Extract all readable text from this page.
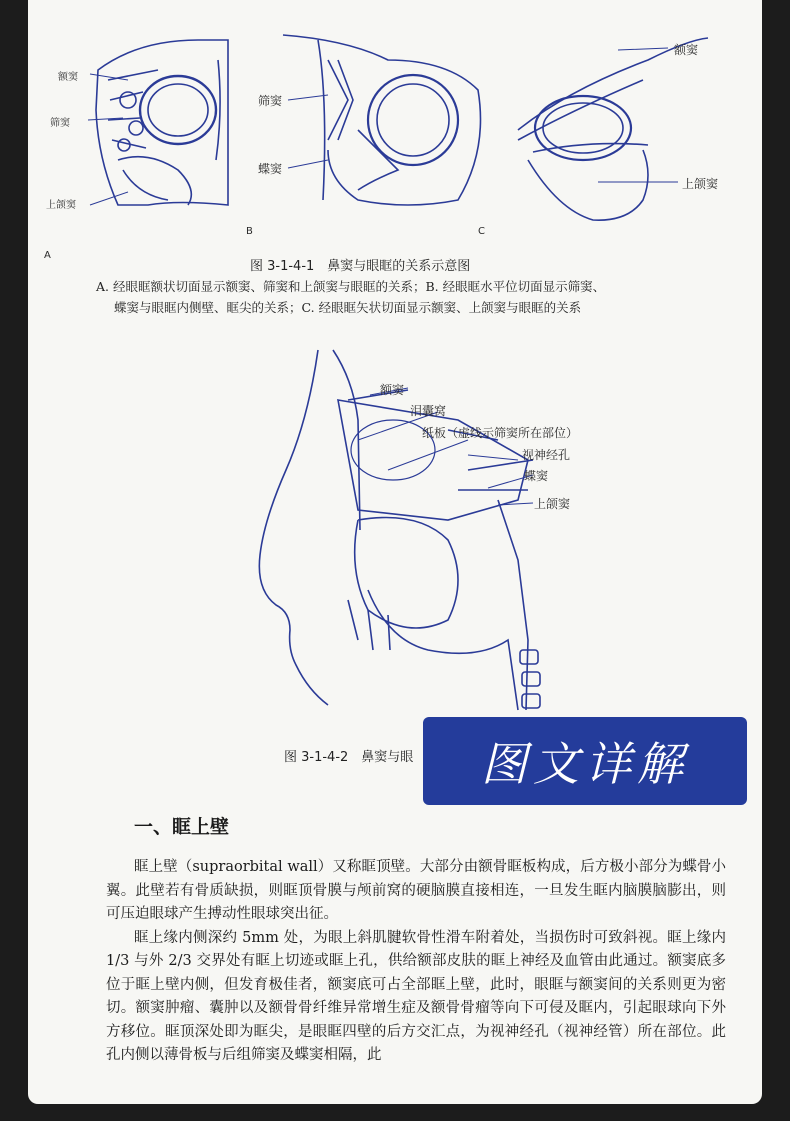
额窦
筛窦
上颌窦
A
筛窦
蝶窦
B
额窦
上颌窦
C
图 3-1-4-1　鼻窦与眼眶的关系示意图
A. 经眼眶额状切面显示额窦、筛窦和上颌窦与眼眶的关系；B. 经眼眶水平位切面显示筛窦、
蝶窦与眼眶内侧壁、眶尖的关系；C. 经眼眶矢状切面显示额窦、上颌窦与眼眶的关系
额窦
泪囊窝
纸板（虚线示筛窦所在部位）
视神经孔
蝶窦
上颌窦
图 3-1-4-2　鼻窦与眼	图文详解
一、眶上壁

眶上壁（supraorbital wall）又称眶顶壁。大部分由额骨眶板构成，后方极小部分为蝶骨小翼。此壁若有骨质缺损，则眶顶骨膜与颅前窝的硬脑膜直接相连，一旦发生眶内脑膜脑膨出，则可压迫眼球产生搏动性眼球突出征。

眶上缘内侧深约 5mm 处，为眼上斜肌腱软骨性滑车附着处，当损伤时可致斜视。眶上缘内 1/3 与外 2/3 交界处有眶上切迹或眶上孔，供给额部皮肤的眶上神经及血管由此通过。额窦底多位于眶上壁内侧，但发育极佳者，额窦底可占全部眶上壁，此时，眼眶与额窦间的关系则更为密切。额窦肿瘤、囊肿以及额骨骨纤维异常增生症及额骨骨瘤等向下可侵及眶内，引起眼球向下外方移位。眶顶深处即为眶尖，是眼眶四壁的后方交汇点，为视神经孔（视神经管）所在部位。此孔内侧以薄骨板与后组筛窦及蝶窦相隔，此
